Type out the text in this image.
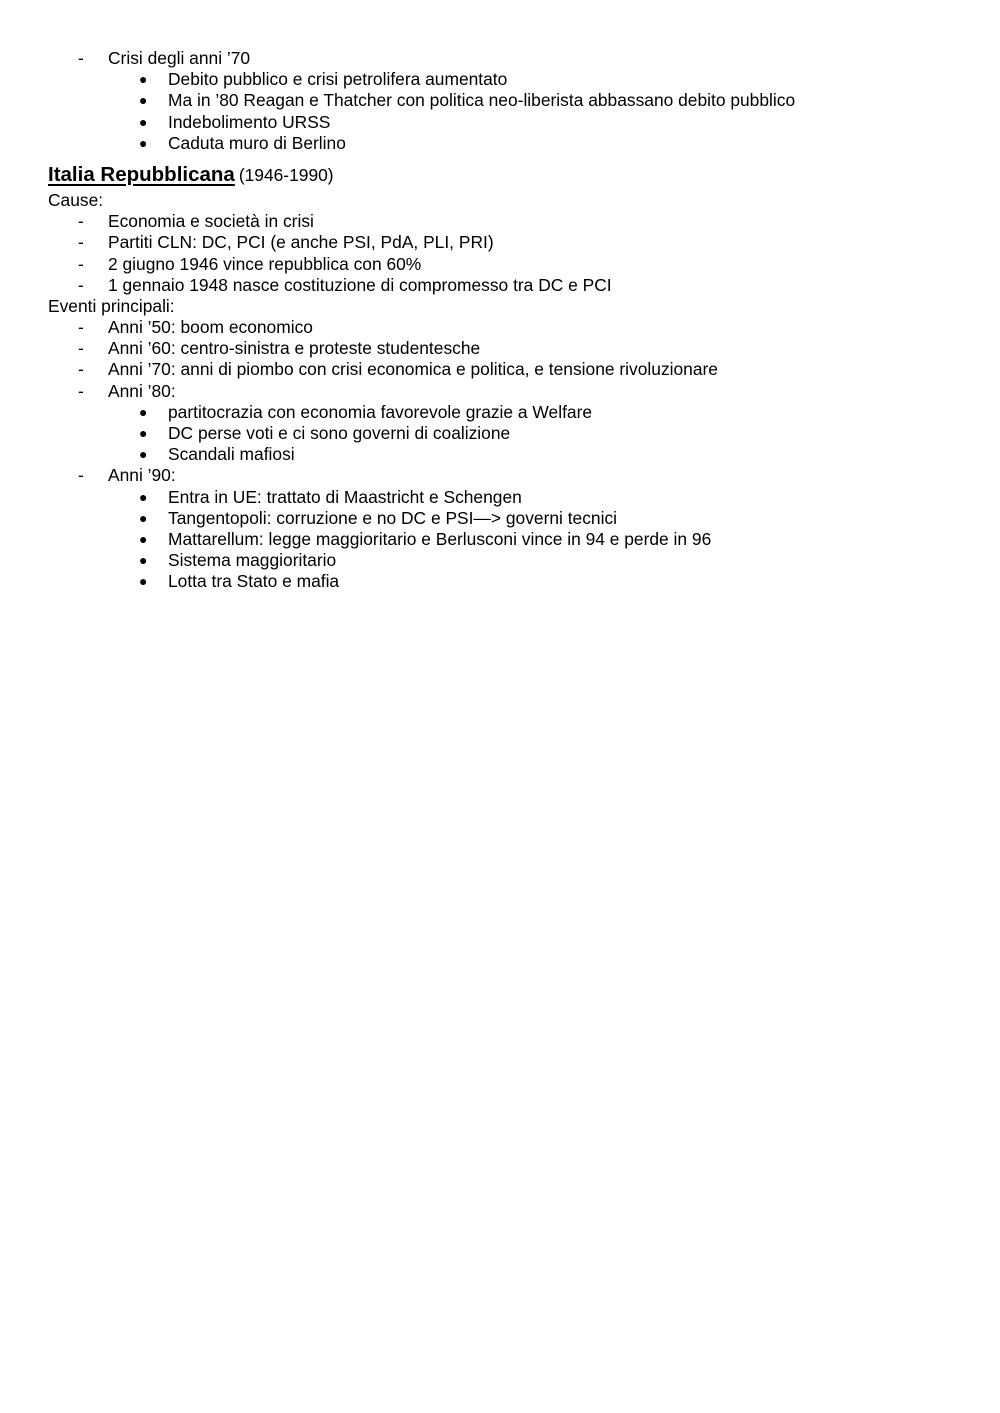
- Crisi degli anni ’70
● Debito pubblico e crisi petrolifera aumentato
● Ma in ’80 Reagan e Thatcher con politica neo-liberista abbassano debito pubblico
● Indebolimento URSS
● Caduta muro di Berlino
Italia Repubblicana (1946-1990)
Cause:
- Economia e società in crisi
- Partiti CLN: DC, PCI (e anche PSI, PdA, PLI, PRI)
- 2 giugno 1946 vince repubblica con 60%
- 1 gennaio 1948 nasce costituzione di compromesso tra DC e PCI
Eventi principali:
- Anni ’50: boom economico
- Anni ’60: centro-sinistra e proteste studentesche
- Anni ’70: anni di piombo con crisi economica e politica, e tensione rivoluzionare
- Anni ’80:
● partitocrazia con economia favorevole grazie a Welfare
● DC perse voti e ci sono governi di coalizione
● Scandali mafiosi
- Anni ’90:
● Entra in UE: trattato di Maastricht e Schengen
● Tangentopoli: corruzione e no DC e PSI—> governi tecnici
● Mattarellum: legge maggioritario e Berlusconi vince in 94 e perde in 96
● Sistema maggioritario
● Lotta tra Stato e mafia
